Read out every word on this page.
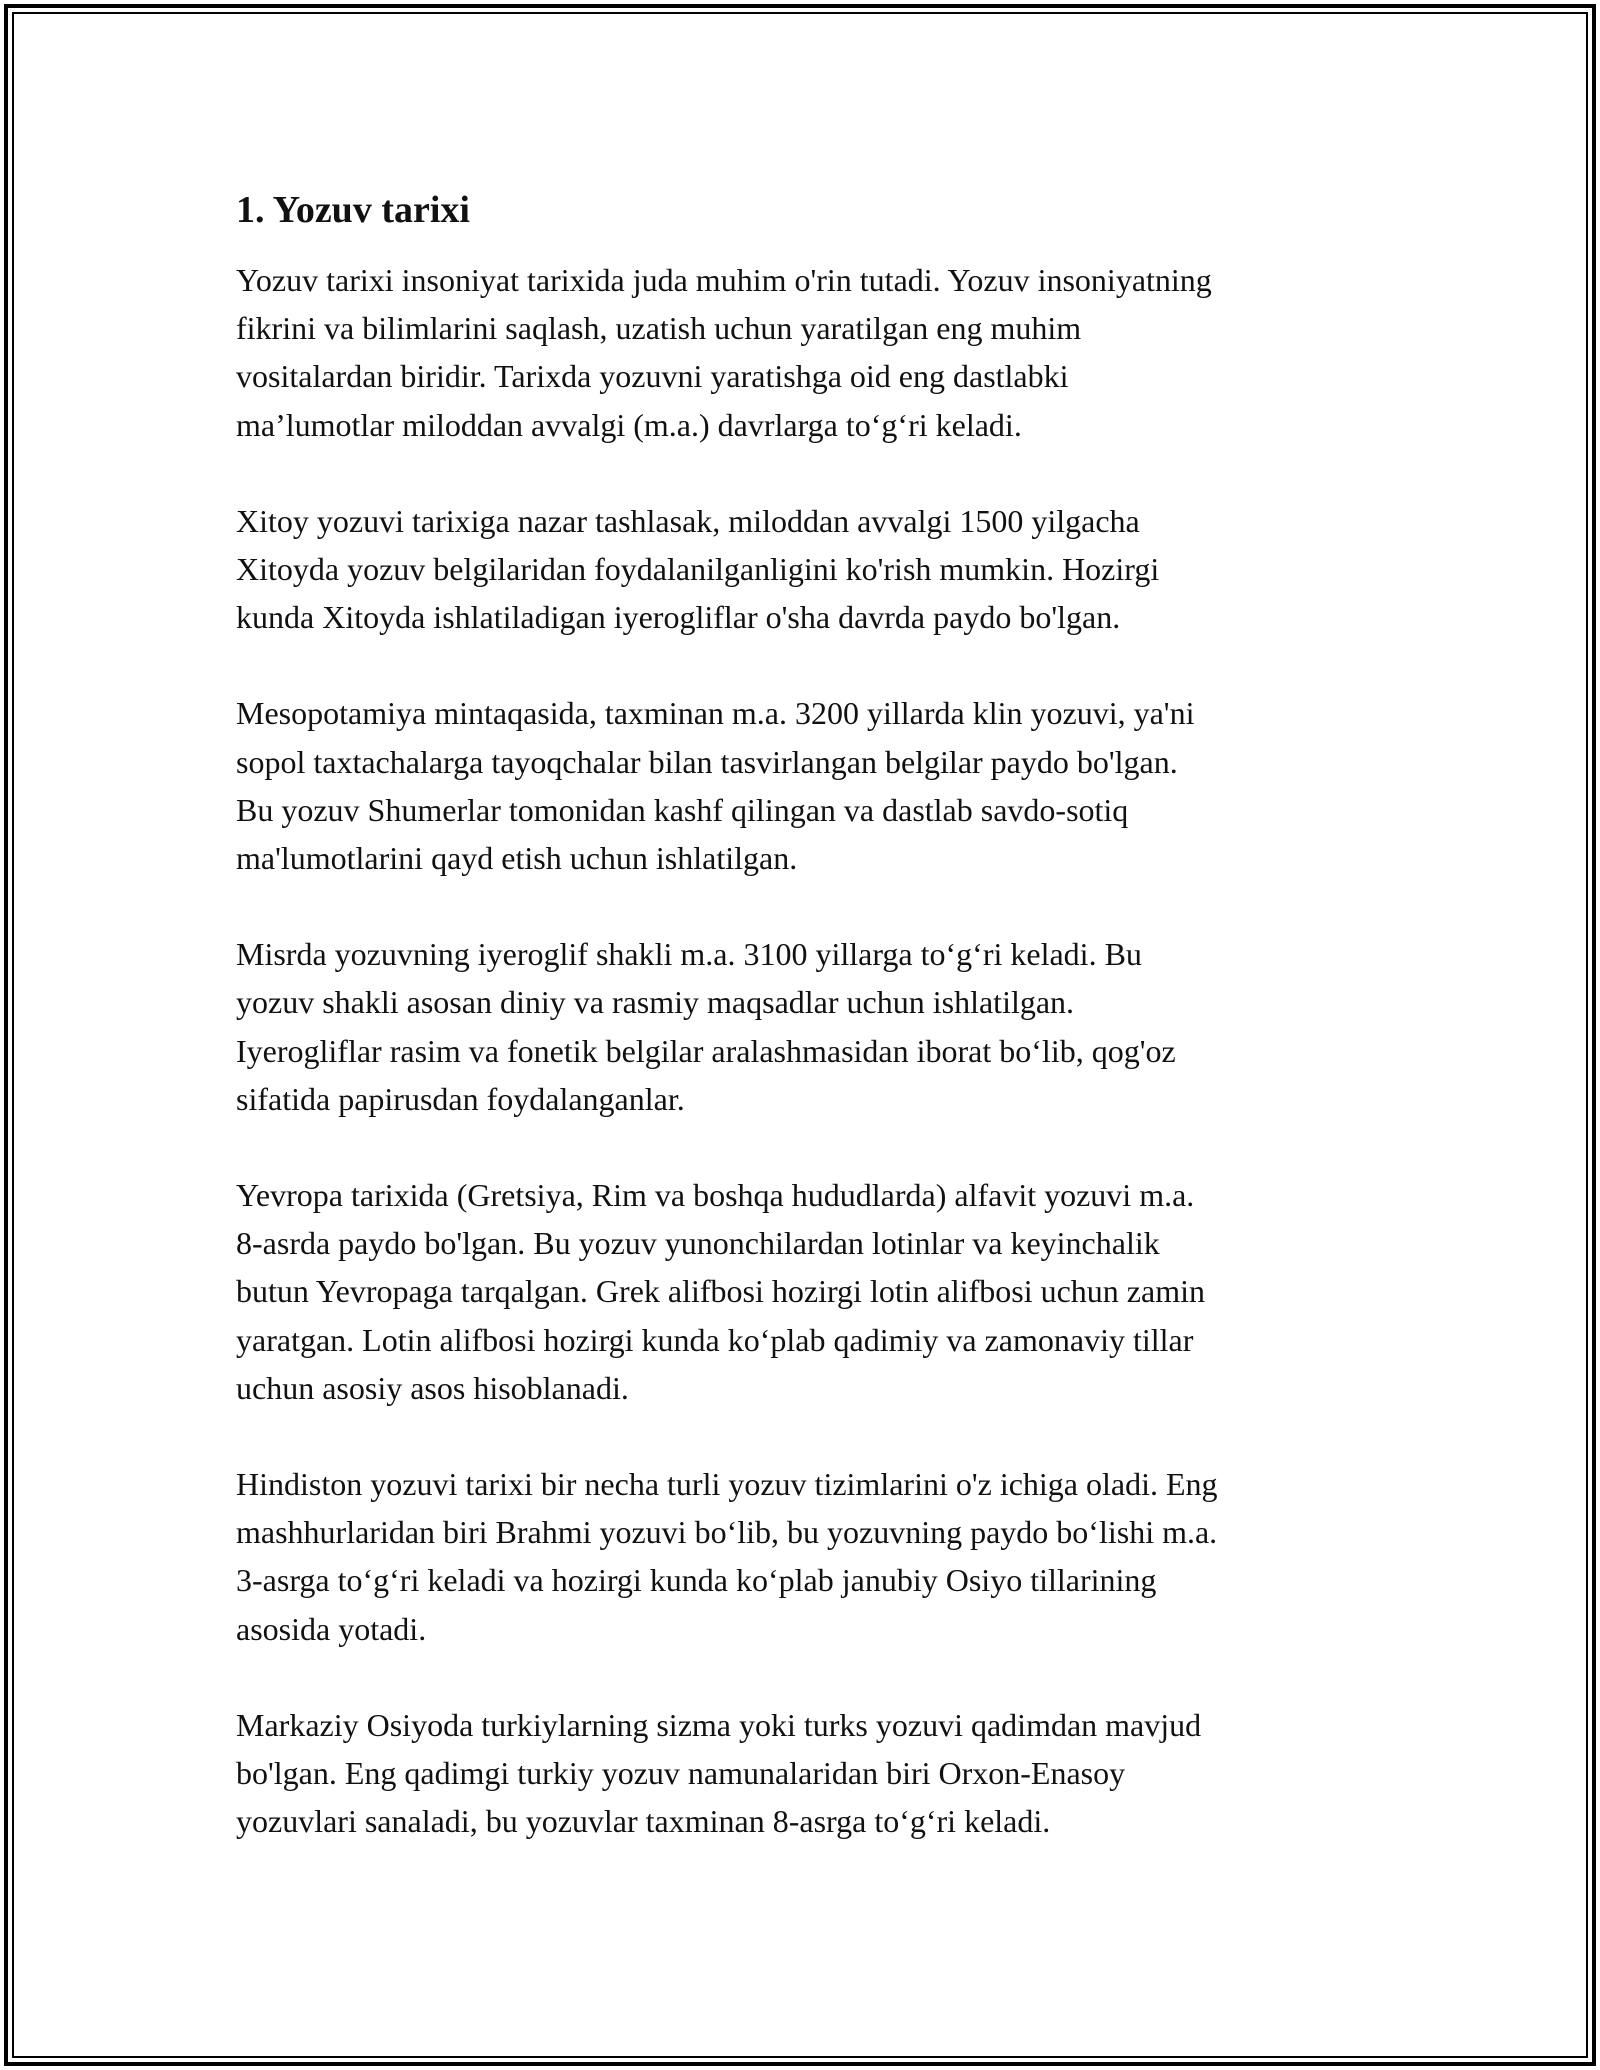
1. Yozuv tarixi
Yozuv tarixi insoniyat tarixida juda muhim o'rin tutadi. Yozuv insoniyatning
fikrini va bilimlarini saqlash, uzatish uchun yaratilgan eng muhim
vositalardan biridir. Tarixda yozuvni yaratishga oid eng dastlabki
ma’lumotlar miloddan avvalgi (m.a.) davrlarga to‘g‘ri keladi.
Xitoy yozuvi tarixiga nazar tashlasak, miloddan avvalgi 1500 yilgacha
Xitoyda yozuv belgilaridan foydalanilganligini ko'rish mumkin. Hozirgi
kunda Xitoyda ishlatiladigan iyerogliflar o'sha davrda paydo bo'lgan.
Mesopotamiya mintaqasida, taxminan m.a. 3200 yillarda klin yozuvi, ya'ni
sopol taxtachalarga tayoqchalar bilan tasvirlangan belgilar paydo bo'lgan.
Bu yozuv Shumerlar tomonidan kashf qilingan va dastlab savdo-sotiq
ma'lumotlarini qayd etish uchun ishlatilgan.
Misrda yozuvning iyeroglif shakli m.a. 3100 yillarga to‘g‘ri keladi. Bu
yozuv shakli asosan diniy va rasmiy maqsadlar uchun ishlatilgan.
Iyerogliflar rasim va fonetik belgilar aralashmasidan iborat bo‘lib, qog'oz
sifatida papirusdan foydalanganlar.
Yevropa tarixida (Gretsiya, Rim va boshqa hududlarda) alfavit yozuvi m.a.
8-asrda paydo bo'lgan. Bu yozuv yunonchilardan lotinlar va keyinchalik
butun Yevropaga tarqalgan. Grek alifbosi hozirgi lotin alifbosi uchun zamin
yaratgan. Lotin alifbosi hozirgi kunda ko‘plab qadimiy va zamonaviy tillar
uchun asosiy asos hisoblanadi.
Hindiston yozuvi tarixi bir necha turli yozuv tizimlarini o'z ichiga oladi. Eng
mashhurlaridan biri Brahmi yozuvi bo‘lib, bu yozuvning paydo bo‘lishi m.a.
3-asrga to‘g‘ri keladi va hozirgi kunda ko‘plab janubiy Osiyo tillarining
asosida yotadi.
Markaziy Osiyoda turkiylarning sizma yoki turks yozuvi qadimdan mavjud
bo'lgan. Eng qadimgi turkiy yozuv namunalaridan biri Orxon-Enasoy
yozuvlari sanaladi, bu yozuvlar taxminan 8-asrga to‘g‘ri keladi.
